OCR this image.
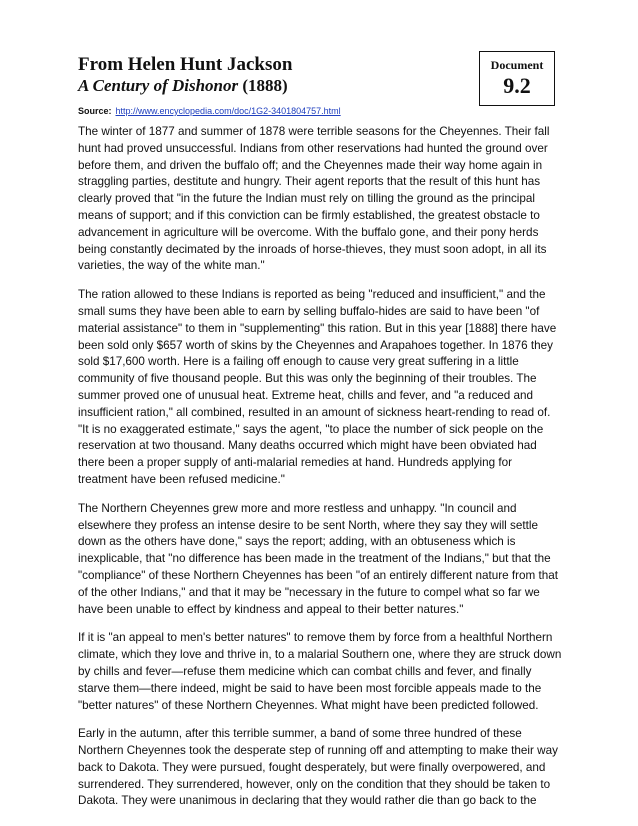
From Helen Hunt Jackson
A Century of Dishonor (1888)
Source: http://www.encyclopedia.com/doc/1G2-3401804757.html
Document
9.2

The winter of 1877 and summer of 1878 were terrible seasons for the Cheyennes. Their fall hunt had proved unsuccessful. Indians from other reservations had hunted the ground over before them, and driven the buffalo off; and the Cheyennes made their way home again in straggling parties, destitute and hungry. Their agent reports that the result of this hunt has clearly proved that "in the future the Indian must rely on tilling the ground as the principal means of support; and if this conviction can be firmly established, the greatest obstacle to advancement in agriculture will be overcome. With the buffalo gone, and their pony herds being constantly decimated by the inroads of horse-thieves, they must soon adopt, in all its varieties, the way of the white man."

The ration allowed to these Indians is reported as being "reduced and insufficient," and the small sums they have been able to earn by selling buffalo-hides are said to have been "of material assistance" to them in "supplementing" this ration. But in this year [1888] there have been sold only $657 worth of skins by the Cheyennes and Arapahoes together. In 1876 they sold $17,600 worth. Here is a failing off enough to cause very great suffering in a little community of five thousand people. But this was only the beginning of their troubles. The summer proved one of unusual heat. Extreme heat, chills and fever, and "a reduced and insufficient ration," all combined, resulted in an amount of sickness heart-rending to read of. "It is no exaggerated estimate," says the agent, "to place the number of sick people on the reservation at two thousand. Many deaths occurred which might have been obviated had there been a proper supply of anti-malarial remedies at hand. Hundreds applying for treatment have been refused medicine."

The Northern Cheyennes grew more and more restless and unhappy. "In council and elsewhere they profess an intense desire to be sent North, where they say they will settle down as the others have done," says the report; adding, with an obtuseness which is inexplicable, that "no difference has been made in the treatment of the Indians," but that the "compliance" of these Northern Cheyennes has been "of an entirely different nature from that of the other Indians," and that it may be "necessary in the future to compel what so far we have been unable to effect by kindness and appeal to their better natures."

If it is "an appeal to men's better natures" to remove them by force from a healthful Northern climate, which they love and thrive in, to a malarial Southern one, where they are struck down by chills and fever—refuse them medicine which can combat chills and fever, and finally starve them—there indeed, might be said to have been most forcible appeals made to the "better natures" of these Northern Cheyennes. What might have been predicted followed.

Early in the autumn, after this terrible summer, a band of some three hundred of these Northern Cheyennes took the desperate step of running off and attempting to make their way back to Dakota. They were pursued, fought desperately, but were finally overpowered, and surrendered. They surrendered, however, only on the condition that they should be taken to Dakota. They were unanimous in declaring that they would rather die than go back to the
